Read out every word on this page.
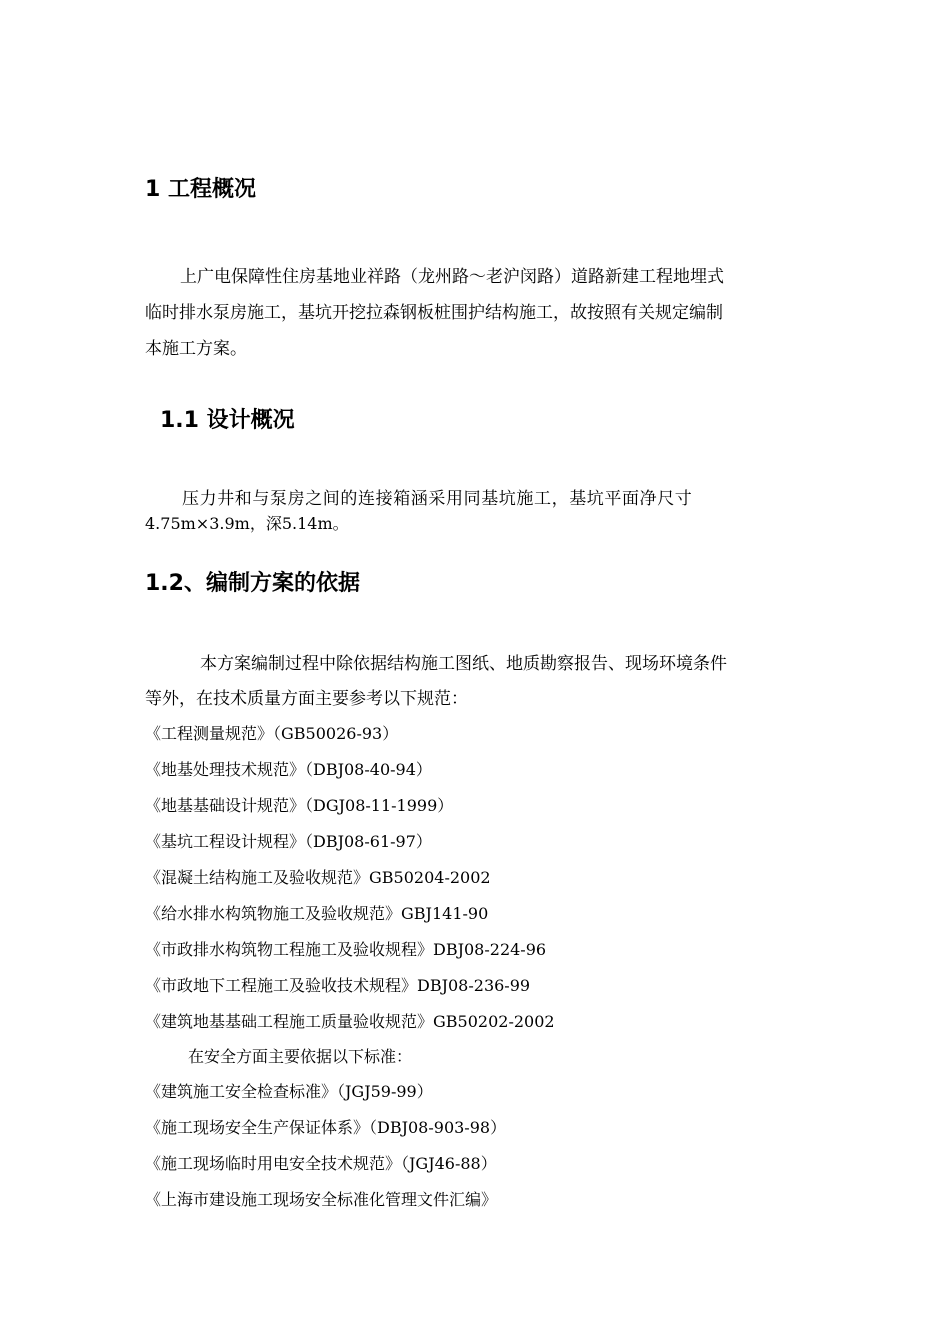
1 工程概况
上广电保障性住房基地业祥路（龙州路～老沪闵路）道路新建工程地埋式
临时排水泵房施工，基坑开挖拉森钢板桩围护结构施工，故按照有关规定编制
本施工方案。
1.1 设计概况
压力井和与泵房之间的连接箱涵采用同基坑施工，基坑平面净尺寸
4.75m×3.9m，深5.14m。
1.2、编制方案的依据
本方案编制过程中除依据结构施工图纸、地质勘察报告、现场环境条件
等外，在技术质量方面主要参考以下规范：
《工程测量规范》（GB50026-93）
《地基处理技术规范》（DBJ08-40-94）
《地基基础设计规范》（DGJ08-11-1999）
《基坑工程设计规程》（DBJ08-61-97）
《混凝土结构施工及验收规范》GB50204-2002
《给水排水构筑物施工及验收规范》GBJ141-90
《市政排水构筑物工程施工及验收规程》DBJ08-224-96
《市政地下工程施工及验收技术规程》DBJ08-236-99
《建筑地基基础工程施工质量验收规范》GB50202-2002
在安全方面主要依据以下标准：
《建筑施工安全检查标准》（JGJ59-99）
《施工现场安全生产保证体系》（DBJ08-903-98）
《施工现场临时用电安全技术规范》（JGJ46-88）
《上海市建设施工现场安全标准化管理文件汇编》
